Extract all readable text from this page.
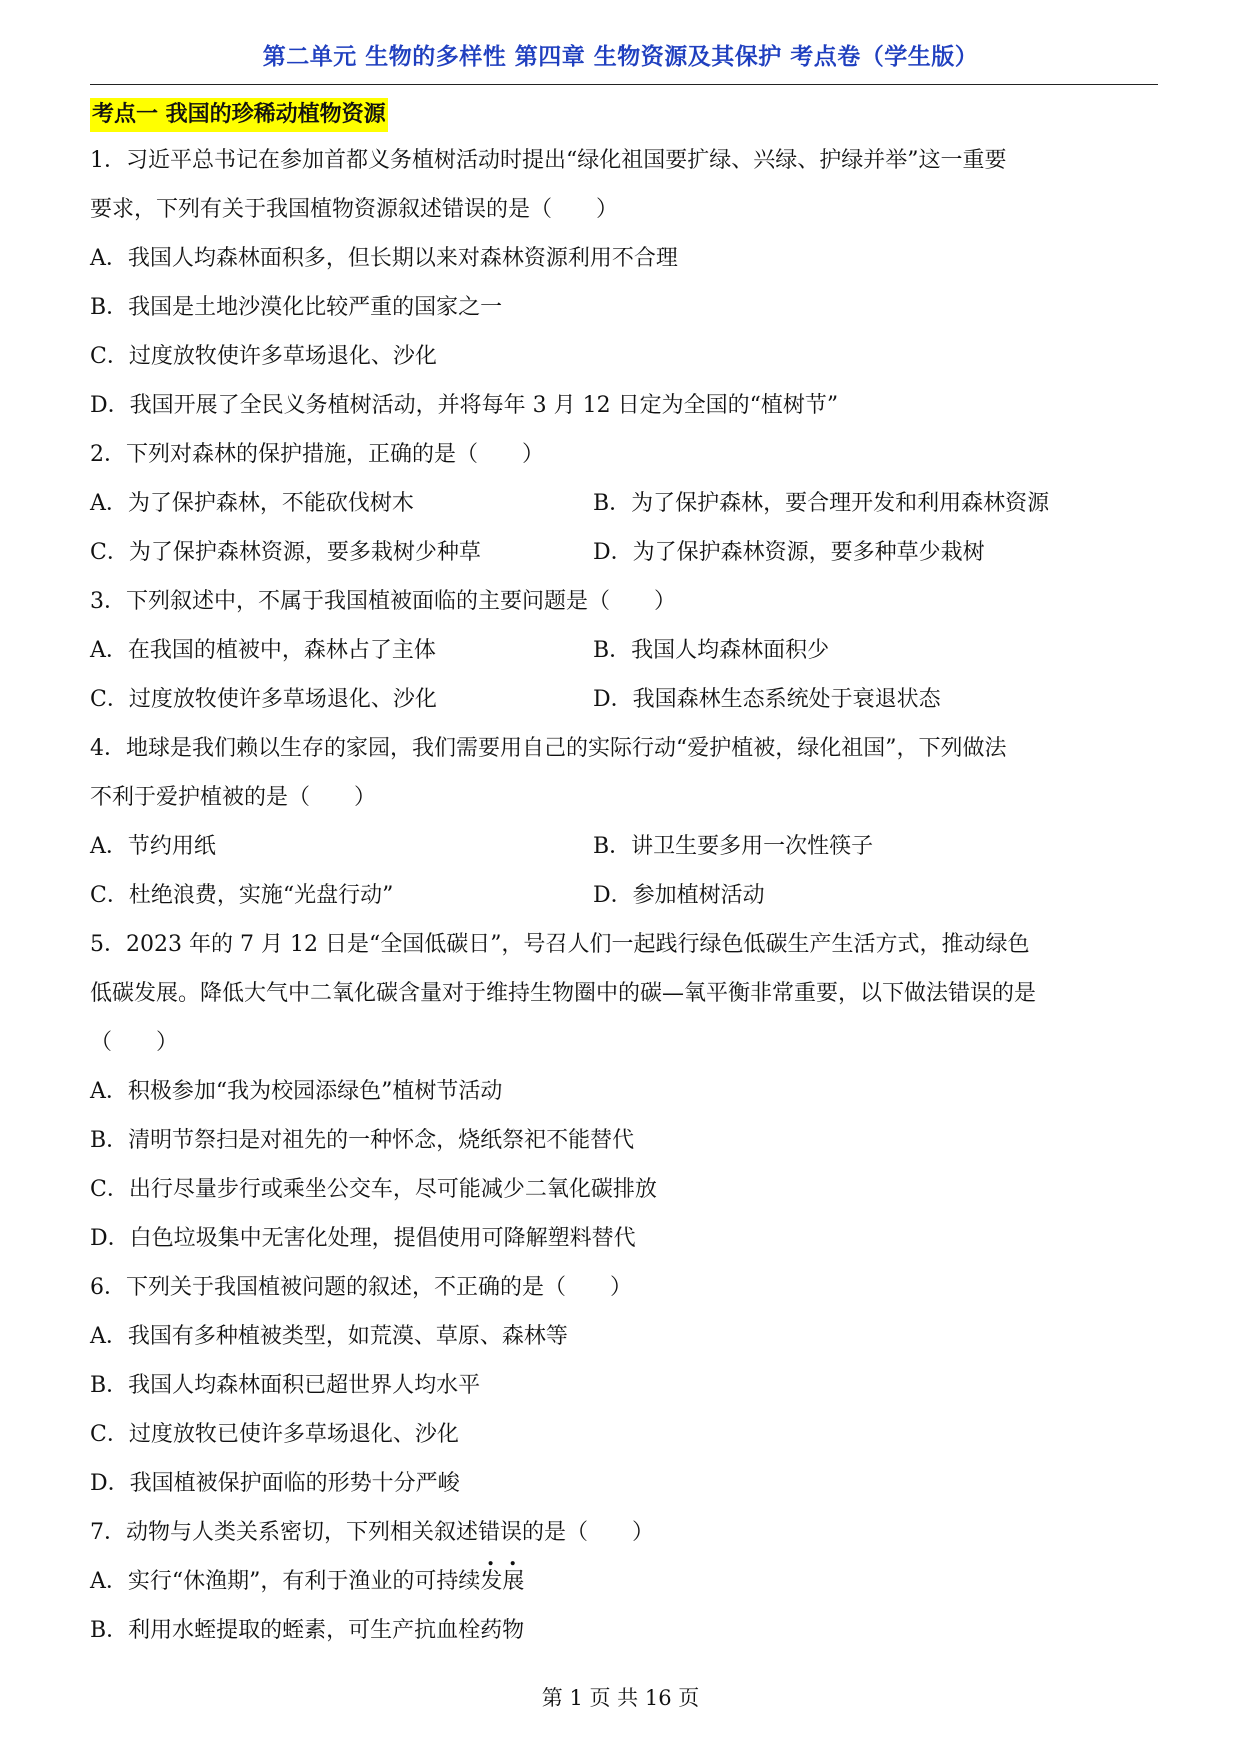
第二单元 生物的多样性 第四章 生物资源及其保护 考点卷（学生版）
考点一 我国的珍稀动植物资源
1．习近平总书记在参加首都义务植树活动时提出“绿化祖国要扩绿、兴绿、护绿并举”这一重要
要求，下列有关于我国植物资源叙述错误的是（　　）
A．我国人均森林面积多，但长期以来对森林资源利用不合理
B．我国是土地沙漠化比较严重的国家之一
C．过度放牧使许多草场退化、沙化
D．我国开展了全民义务植树活动，并将每年 3 月 12 日定为全国的“植树节”
2．下列对森林的保护措施，正确的是（　　）
A．为了保护森林，不能砍伐树木	B．为了保护森林，要合理开发和利用森林资源
C．为了保护森林资源，要多栽树少种草	D．为了保护森林资源，要多种草少栽树
3．下列叙述中，不属于我国植被面临的主要问题是（　　）
A．在我国的植被中，森林占了主体	B．我国人均森林面积少
C．过度放牧使许多草场退化、沙化	D．我国森林生态系统处于衰退状态
4．地球是我们赖以生存的家园，我们需要用自己的实际行动“爱护植被，绿化祖国”，下列做法
不利于爱护植被的是（　　）
A．节约用纸	B．讲卫生要多用一次性筷子
C．杜绝浪费，实施“光盘行动”	D．参加植树活动
5．2023 年的 7 月 12 日是“全国低碳日”，号召人们一起践行绿色低碳生产生活方式，推动绿色
低碳发展。降低大气中二氧化碳含量对于维持生物圈中的碳—氧平衡非常重要，以下做法错误的是
（　　）
A．积极参加“我为校园添绿色”植树节活动
B．清明节祭扫是对祖先的一种怀念，烧纸祭祀不能替代
C．出行尽量步行或乘坐公交车，尽可能减少二氧化碳排放
D．白色垃圾集中无害化处理，提倡使用可降解塑料替代
6．下列关于我国植被问题的叙述，不正确的是（　　）
A．我国有多种植被类型，如荒漠、草原、森林等
B．我国人均森林面积已超世界人均水平
C．过度放牧已使许多草场退化、沙化
D．我国植被保护面临的形势十分严峻
7．动物与人类关系密切，下列相关叙述错误的是（　　）
A．实行“休渔期”，有利于渔业的可持续发展
B．利用水蛭提取的蛭素，可生产抗血栓药物
第 1 页 共 16 页
